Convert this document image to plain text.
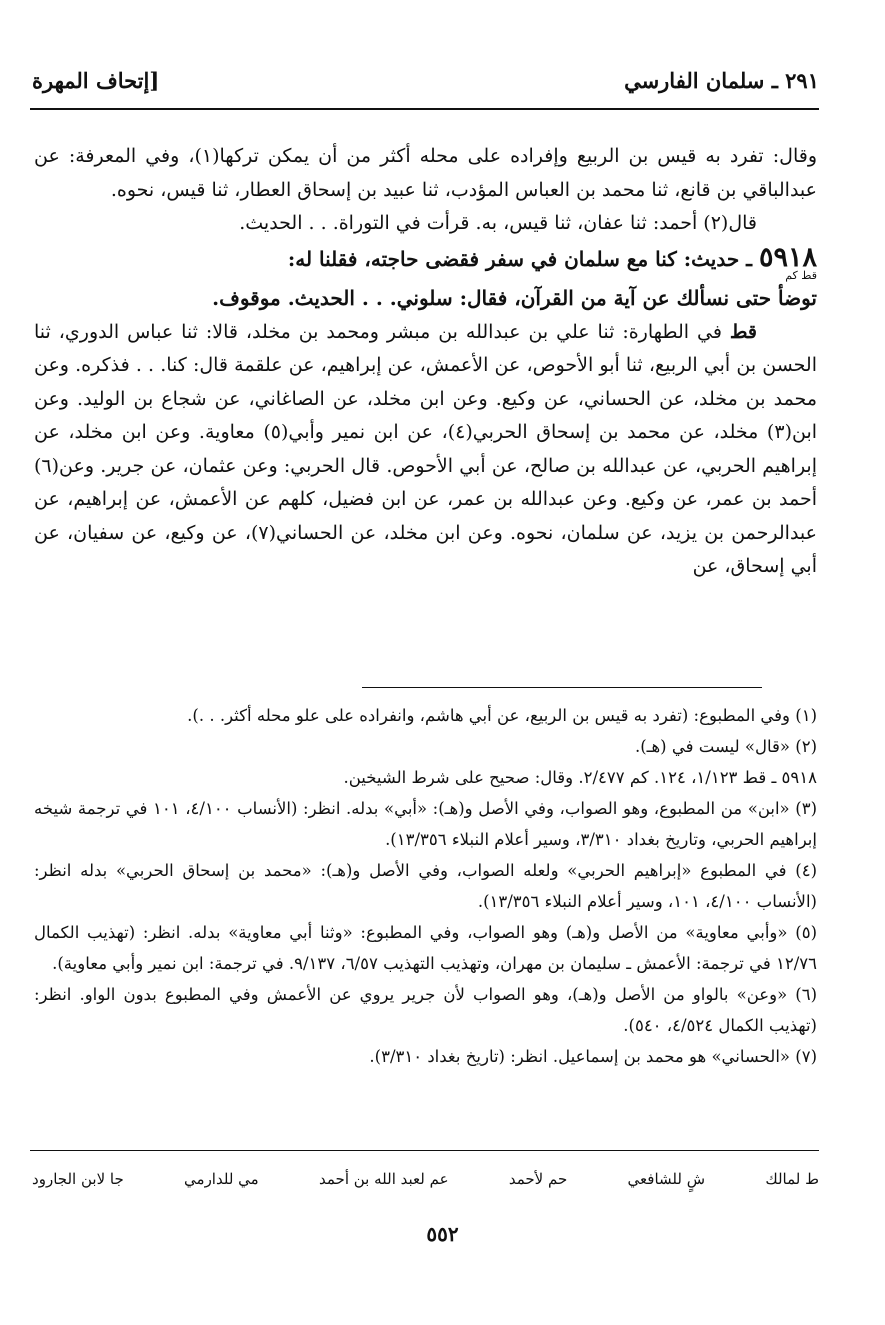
٢٩١ ـ سلمان الفارسي
[إتحاف المهرة

وقال: تفرد به قيس بن الربيع وإفراده على محله أكثر من أن يمكن تركها(١)، وفي المعرفة: عن عبدالباقي بن قانع، ثنا محمد بن العباس المؤدب، ثنا عبيد بن إسحاق العطار، ثنا قيس، نحوه.

قال(٢) أحمد: ثنا عفان، ثنا قيس، به. قرأت في التوراة. . . الحديث.

٥٩١٨ ـ حديث: كنا مع سلمان في سفر فقضى حاجته، فقلنا له:

قط كم

توضأ حتى نسألك عن آية من القرآن، فقال: سلوني. . . الحديث. موقوف.

قط في الطهارة: ثنا علي بن عبدالله بن مبشر ومحمد بن مخلد، قالا: ثنا عباس الدوري، ثنا الحسن بن أبي الربيع، ثنا أبو الأحوص، عن الأعمش، عن إبراهيم، عن علقمة قال: كنا. . . فذكره. وعن محمد بن مخلد، عن الحساني، عن وكيع. وعن ابن مخلد، عن الصاغاني، عن شجاع بن الوليد. وعن ابن(٣) مخلد، عن محمد بن إسحاق الحربي(٤)، عن ابن نمير وأبي(٥) معاوية. وعن ابن مخلد، عن إبراهيم الحربي، عن عبدالله بن صالح، عن أبي الأحوص. قال الحربي: وعن عثمان، عن جرير. وعن(٦) أحمد بن عمر، عن وكيع. وعن عبدالله بن عمر، عن ابن فضيل، كلهم عن الأعمش، عن إبراهيم، عن عبدالرحمن بن يزيد، عن سلمان، نحوه. وعن ابن مخلد، عن الحساني(٧)، عن وكيع، عن سفيان، عن أبي إسحاق، عن

(١) وفي المطبوع: (تفرد به قيس بن الربيع، عن أبي هاشم، وانفراده على علو محله أكثر. . .).

(٢) «قال» ليست في (هـ).

٥٩١٨ ـ قط ١/١٢٣، ١٢٤. كم ٢/٤٧٧. وقال: صحيح على شرط الشيخين.

(٣) «ابن» من المطبوع، وهو الصواب، وفي الأصل و(هـ): «أبي» بدله. انظر: (الأنساب ٤/١٠٠، ١٠١ في ترجمة شيخه إبراهيم الحربي، وتاريخ بغداد ٣/٣١٠، وسير أعلام النبلاء ١٣/٣٥٦).

(٤) في المطبوع «إبراهيم الحربي» ولعله الصواب، وفي الأصل و(هـ): «محمد بن إسحاق الحربي» بدله انظر: (الأنساب ٤/١٠٠، ١٠١، وسير أعلام النبلاء ١٣/٣٥٦).

(٥) «وأبي معاوية» من الأصل و(هـ) وهو الصواب، وفي المطبوع: «وثنا أبي معاوية» بدله. انظر: (تهذيب الكمال ١٢/٧٦ في ترجمة: الأعمش ـ سليمان بن مهران، وتهذيب التهذيب ٦/٥٧، ٩/١٣٧. في ترجمة: ابن نمير وأبي معاوية).

(٦) «وعن» بالواو من الأصل و(هـ)، وهو الصواب لأن جرير يروي عن الأعمش وفي المطبوع بدون الواو. انظر: (تهذيب الكمال ٤/٥٢٤، ٥٤٠).

(٧) «الحساني» هو محمد بن إسماعيل. انظر: (تاريخ بغداد ٣/٣١٠).

ط لمالك
شٍ للشافعي
حم لأحمد
عم لعبد الله بن أحمد
مي للدارمي
جا لابن الجارود
٥٥٢
